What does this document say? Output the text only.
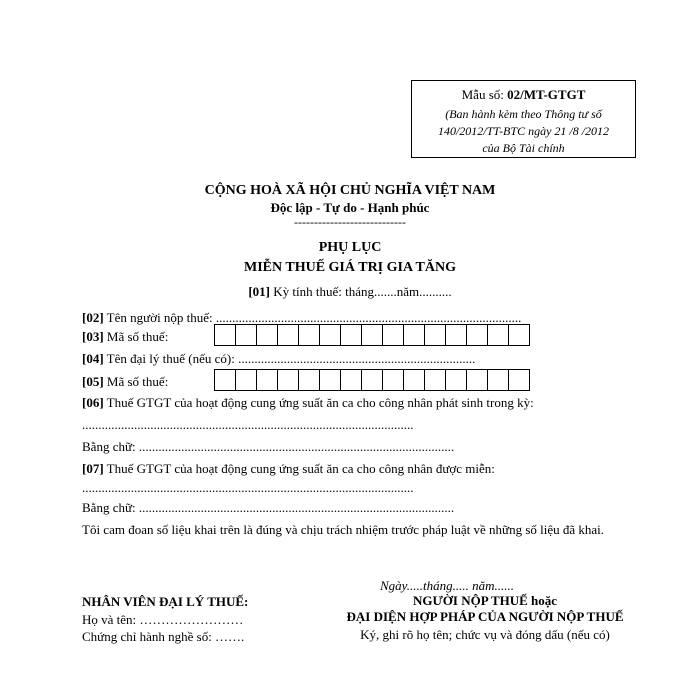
Mẫu số: 02/MT-GTGT
(Ban hành kèm theo Thông tư số
140/2012/TT-BTC ngày 21 /8 /2012
của Bộ Tài chính
CỘNG HOÀ XÃ HỘI CHỦ NGHĨA VIỆT NAM
Độc lập - Tự do - Hạnh phúc
----------------------------
PHỤ LỤC
MIỄN THUẾ GIÁ TRỊ GIA TĂNG
[01] Kỳ tính thuế: tháng.......năm..........
[02] Tên người nộp thuế: ..............................................................................................
[03] Mã số thuế:
[04] Tên đại lý thuế (nếu có): .........................................................................
[05] Mã số thuế:
[06] Thuế GTGT của hoạt động cung ứng suất ăn ca cho công nhân phát sinh trong kỳ:
......................................................................................................
Bằng chữ: .................................................................................................
[07] Thuế GTGT của hoạt động cung ứng suất ăn ca cho công nhân được miễn:
......................................................................................................
Bằng chữ: .................................................................................................
Tôi cam đoan số liệu khai trên là đúng và chịu trách nhiệm trước pháp luật về những số liệu đã khai.
Ngày.....tháng..... năm......
NHÂN VIÊN ĐẠI LÝ THUẾ:
Họ và tên: ……………………
Chứng chỉ hành nghề số: …….
NGƯỜI NỘP THUẾ hoặc
ĐẠI DIỆN HỢP PHÁP CỦA NGƯỜI NỘP THUẾ
Ký, ghi rõ họ tên; chức vụ và đóng dấu (nếu có)
